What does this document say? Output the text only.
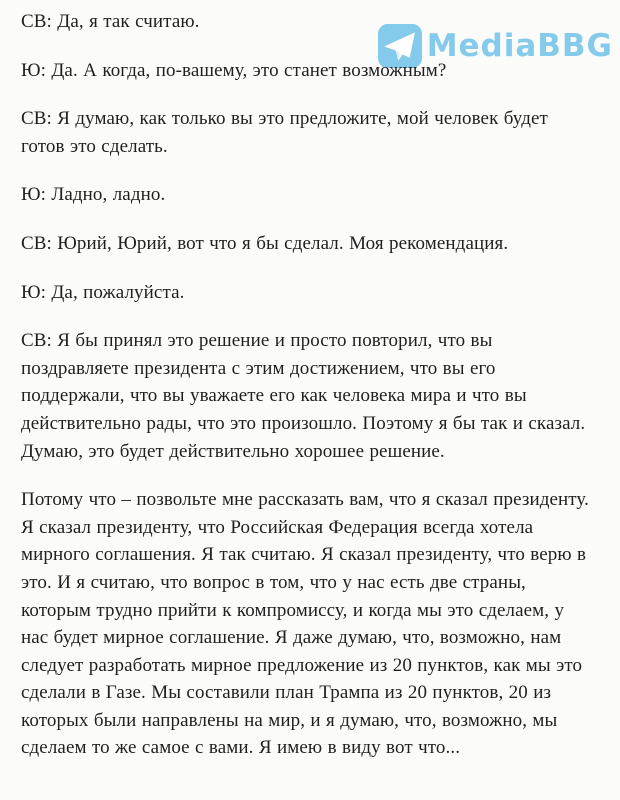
MediaBBG

СВ: Да, я так считаю.

Ю: Да. А когда, по-вашему, это станет возможным?

СВ: Я думаю, как только вы это предложите, мой человек будет готов это сделать.

Ю: Ладно, ладно.

СВ: Юрий, Юрий, вот что я бы сделал. Моя рекомендация.

Ю: Да, пожалуйста.

СВ: Я бы принял это решение и просто повторил, что вы поздравляете президента с этим достижением, что вы его поддержали, что вы уважаете его как человека мира и что вы действительно рады, что это произошло. Поэтому я бы так и сказал. Думаю, это будет действительно хорошее решение.

Потому что – позвольте мне рассказать вам, что я сказал президенту. Я сказал президенту, что Российская Федерация всегда хотела мирного соглашения. Я так считаю. Я сказал президенту, что верю в это. И я считаю, что вопрос в том, что у нас есть две страны, которым трудно прийти к компромиссу, и когда мы это сделаем, у нас будет мирное соглашение. Я даже думаю, что, возможно, нам следует разработать мирное предложение из 20 пунктов, как мы это сделали в Газе. Мы составили план Трампа из 20 пунктов, 20 из которых были направлены на мир, и я думаю, что, возможно, мы сделаем то же самое с вами. Я имею в виду вот что...
